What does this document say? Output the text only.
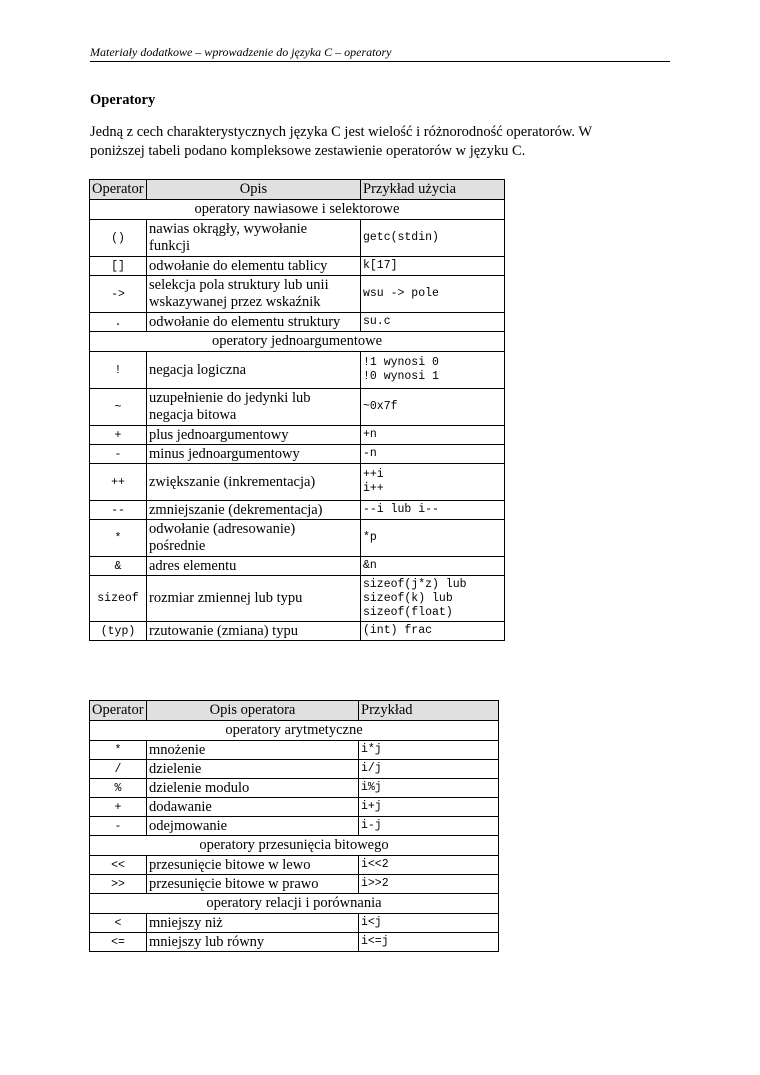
Materiały dodatkowe – wprowadzenie do języka C – operatory
Operatory
Jedną z cech charakterystycznych języka C jest wielość i różnorodność operatorów. W
poniższej tabeli podano kompleksowe zestawienie operatorów w języku C.
Operator	Opis	Przykład użycia
operatory nawiasowe i selektorowe		
()	nawias okrągły, wywołanie
funkcji	getc(stdin)

[]	odwołanie do elementu tablicy	k[17]

->	selekcja pola struktury lub unii
wskazywanej przez wskaźnik	wsu -> pole

.	odwołanie do elementu struktury	su.c

operatory jednoargumentowe		
!	negacja logiczna	!1 wynosi 0
!0 wynosi 1

~	uzupełnienie do jedynki lub
negacja bitowa	~0x7f

+	plus jednoargumentowy	+n

-	minus jednoargumentowy	-n

++	zwiększanie (inkrementacja)	++i
i++

--	zmniejszanie (dekrementacja)	--i lub i--

*	odwołanie (adresowanie)
pośrednie	*p

&	adres elementu	&n

sizeof	rozmiar zmiennej lub typu	sizeof(j*z) lub
sizeof(k) lub
sizeof(float)

(typ)	rzutowanie (zmiana) typu	(int) frac
Operator	Opis operatora	Przykład
operatory arytmetyczne		
*	mnożenie	i*j

/	dzielenie	i/j

%	dzielenie modulo	i%j

+	dodawanie	i+j

-	odejmowanie	i-j

operatory przesunięcia bitowego		
<<	przesunięcie bitowe w lewo	i<<2

>>	przesunięcie bitowe w prawo	i>>2

operatory relacji i porównania		
<	mniejszy niż	i<j

<=	mniejszy lub równy	i<=j
